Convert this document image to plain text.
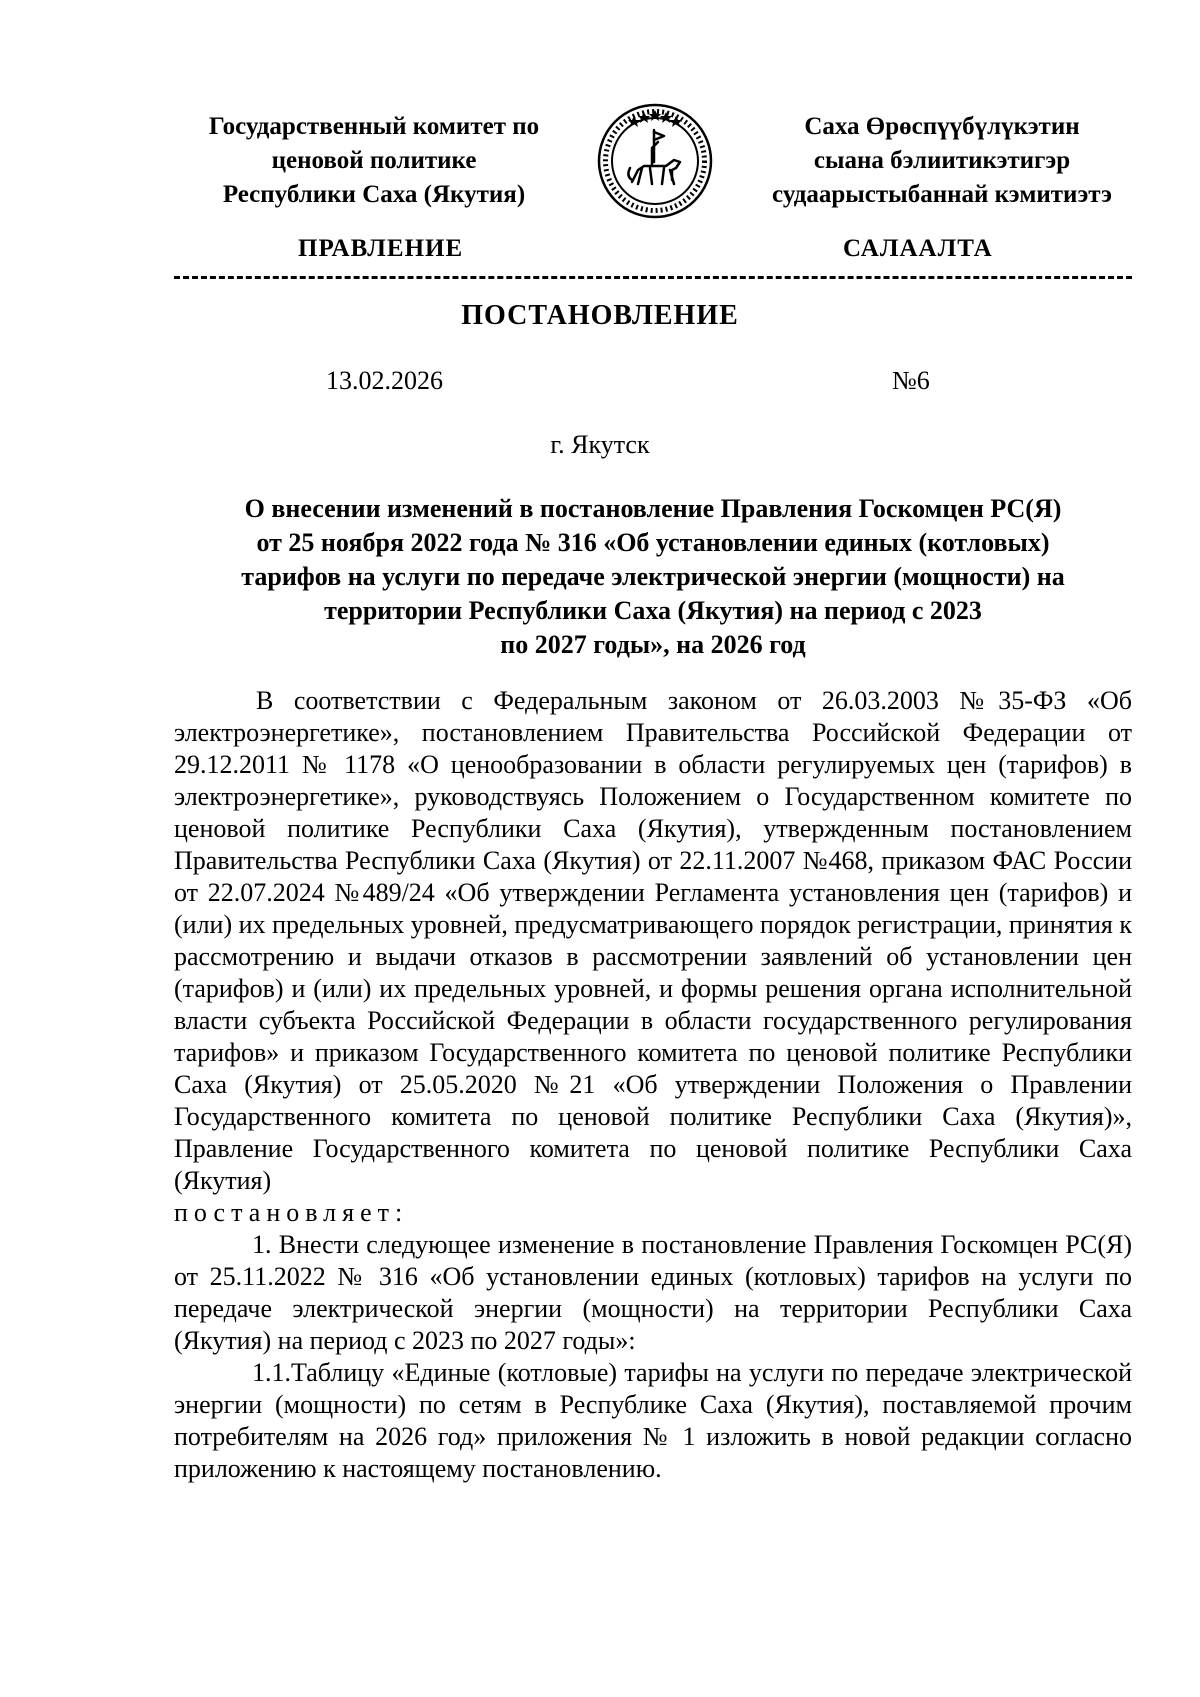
Государственный комитет по
ценовой политике
Республики Саха (Якутия)
Саха Өрөспүүбүлүкэтин
сыана бэлиитикэтигэр
судаарыстыбаннай кэмитиэтэ
ПРАВЛЕНИЕ	САЛААЛТА
ПОСТАНОВЛЕНИЕ
13.02.2026	№6
г. Якутск
О внесении изменений в постановление Правления Госкомцен РС(Я)
от 25 ноября 2022 года № 316 «Об установлении единых (котловых)
тарифов на услуги по передаче электрической энергии (мощности) на
территории Республики Саха (Якутия) на период с 2023
по 2027 годы», на 2026 год

В соответствии с Федеральным законом от 26.03.2003 №35-ФЗ «Об электроэнергетике», постановлением Правительства Российской Федерации от 29.12.2011 № 1178 «О ценообразовании в области регулируемых цен (тарифов) в электроэнергетике», руководствуясь Положением о Государственном комитете по ценовой политике Республики Саха (Якутия), утвержденным постановлением Правительства Республики Саха (Якутия) от 22.11.2007 №468, приказом ФАС России от 22.07.2024 №489/24 «Об утверждении Регламента установления цен (тарифов) и (или) их предельных уровней, предусматривающего порядок регистрации, принятия к рассмотрению и выдачи отказов в рассмотрении заявлений об установлении цен (тарифов) и (или) их предельных уровней, и формы решения органа исполнительной власти субъекта Российской Федерации в области государственного регулирования тарифов» и приказом Государственного комитета по ценовой политике Республики Саха (Якутия) от 25.05.2020 №21 «Об утверждении Положения о Правлении Государственного комитета по ценовой политике Республики Саха (Якутия)», Правление Государственного комитета по ценовой политике Республики Саха (Якутия)

постановляет:

1. Внести следующее изменение в постановление Правления Госкомцен РС(Я) от 25.11.2022 № 316 «Об установлении единых (котловых) тарифов на услуги по передаче электрической энергии (мощности) на территории Республики Саха (Якутия) на период с 2023 по 2027 годы»:

1.1.Таблицу «Единые (котловые) тарифы на услуги по передаче электрической энергии (мощности) по сетям в Республике Саха (Якутия), поставляемой прочим потребителям на 2026 год» приложения № 1 изложить в новой редакции согласно приложению к настоящему постановлению.
